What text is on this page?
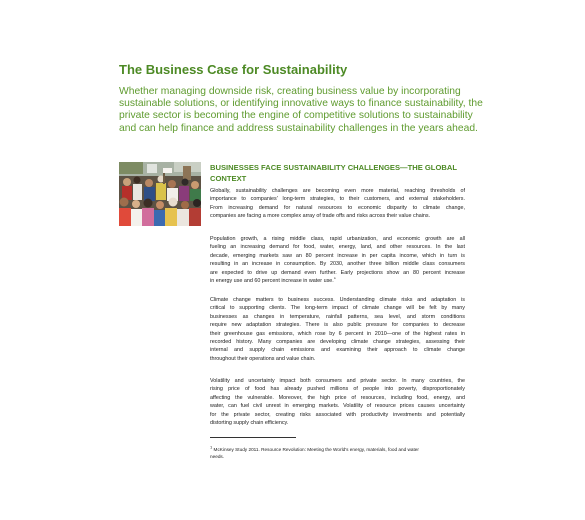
The Business Case for Sustainability
Whether managing downside risk, creating business value by incorporating
sustainable solutions, or identifying innovative ways to finance sustainability, the
private sector is becoming the engine of competitive solutions to sustainability
and can help finance and address sustainability challenges in the years ahead.
BUSINESSES FACE SUSTAINABILITY CHALLENGES—THE GLOBAL CONTEXT
Globally, sustainability challenges are becoming even more material, reaching thresholds of
importance to companies' long-term strategies, to their customers, and external stakeholders.
From increasing demand for natural resources to economic disparity to climate change,
companies are facing a more complex array of trade offs and risks across their value chains.
Population growth, a rising middle class, rapid urbanization, and economic growth are all
fueling an increasing demand for food, water, energy, land, and other resources. In the last
decade, emerging markets saw an 80 percent increase in per capita income, which in turn is
resulting in an increase in consumption. By 2030, another three billion middle class consumers
are expected to drive up demand even further. Early projections show an 80 percent increase
in energy use and 60 percent increase in water use.$^1$
Climate change matters to business success. Understanding climate risks and adaptation is
critical to supporting clients. The long-term impact of climate change will be felt by many
businesses as changes in temperature, rainfall patterns, sea level, and storm conditions
require new adaptation strategies. There is also public pressure for companies to decrease
their greenhouse gas emissions, which rose by 6 percent in 2010—one of the highest rates in
recorded history. Many companies are developing climate change strategies, assessing their
internal and supply chain emissions and examining their approach to climate change
throughout their operations and value chain.
Volatility and uncertainty impact both consumers and private sector. In many countries, the
rising price of food has already pushed millions of people into poverty, disproportionately
affecting the vulnerable. Moreover, the high price of resources, including food, energy, and
water, can fuel civil unrest in emerging markets. Volatility of resource prices causes uncertainty
for the private sector, creating risks associated with productivity investments and potentially
distorting supply chain efficiency.
$^1$ McKinsey Study 2011. Resource Revolution: Meeting the World's energy, materials, food and water
needs.
